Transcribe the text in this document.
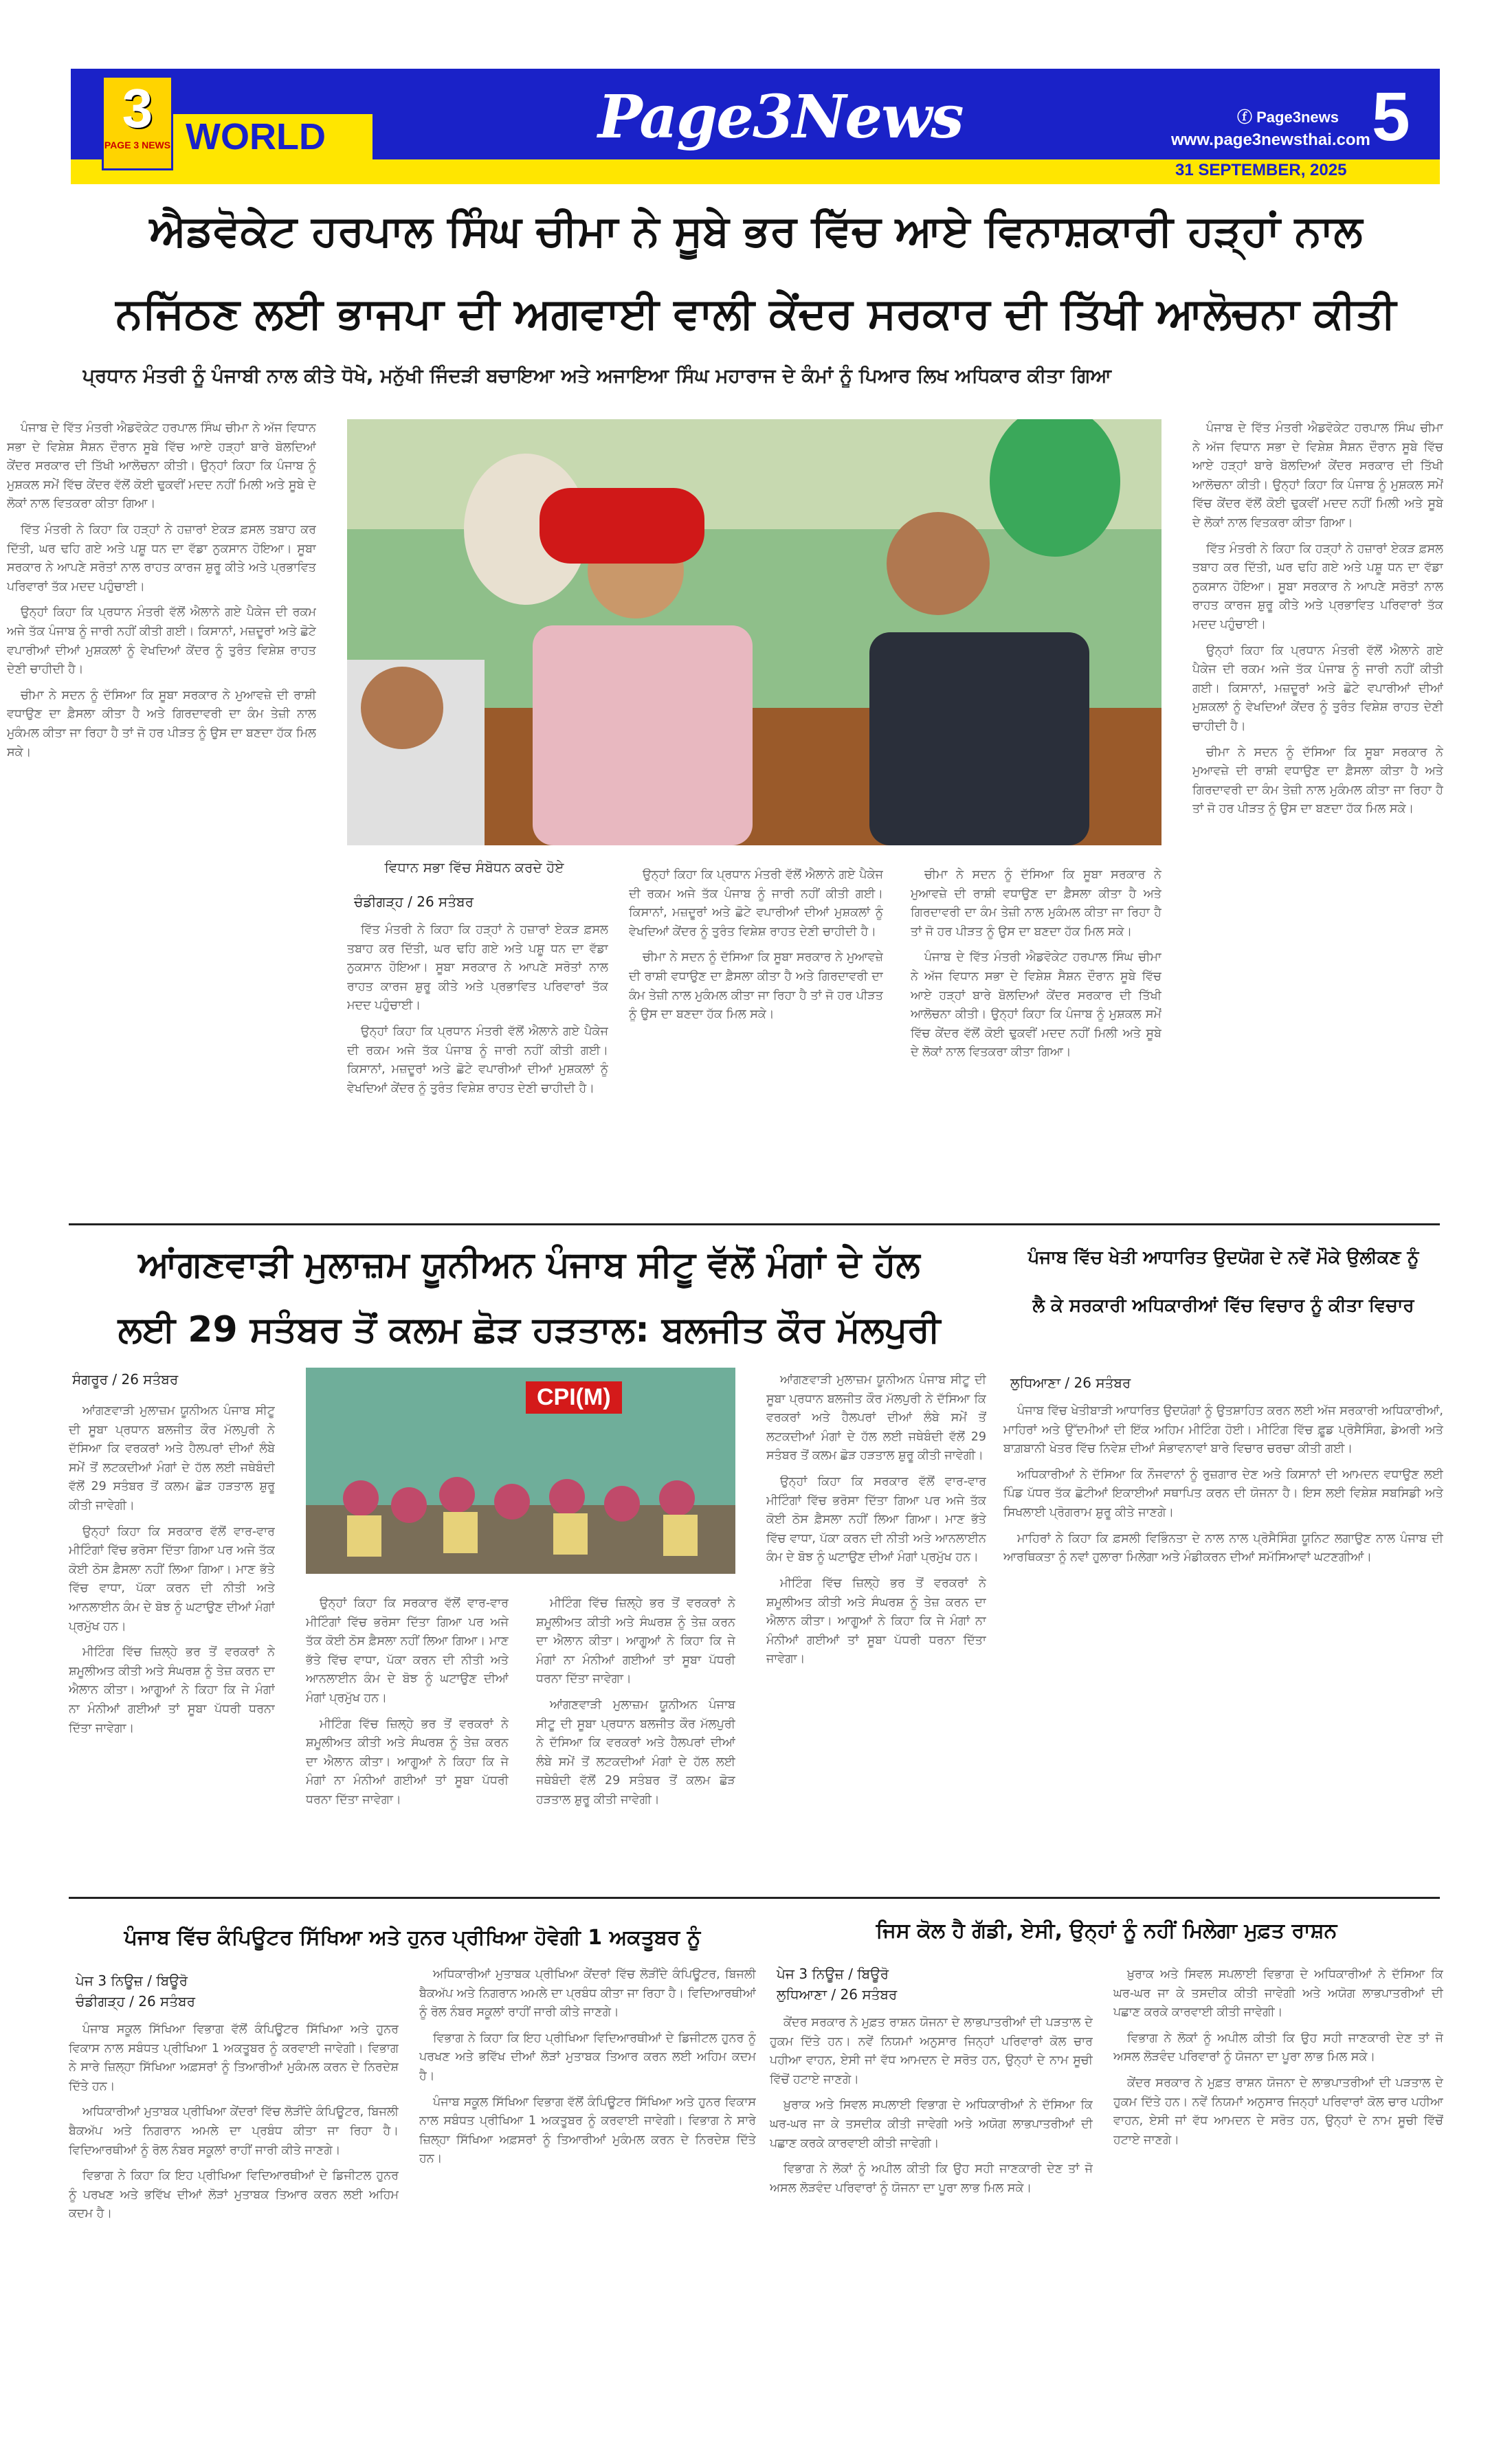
3
PAGE 3 NEWS WORLD	Page3News	ⓕ Page3news
www.page3newsthai.com 5
31 SEPTEMBER, 2025
ਐਡਵੋਕੇਟ ਹਰਪਾਲ ਸਿੰਘ ਚੀਮਾ ਨੇ ਸੂਬੇ ਭਰ ਵਿੱਚ ਆਏ ਵਿਨਾਸ਼ਕਾਰੀ ਹੜ੍ਹਾਂ ਨਾਲ
ਨਜਿੱਠਣ ਲਈ ਭਾਜਪਾ ਦੀ ਅਗਵਾਈ ਵਾਲੀ ਕੇਂਦਰ ਸਰਕਾਰ ਦੀ ਤਿੱਖੀ ਆਲੋਚਨਾ ਕੀਤੀ
ਪ੍ਰਧਾਨ ਮੰਤਰੀ ਨੂੰ ਪੰਜਾਬੀ ਨਾਲ ਕੀਤੇ ਧੋਖੇ, ਮਨੁੱਖੀ ਜਿੰਦੜੀ ਬਚਾਇਆ ਅਤੇ ਅਜਾਇਆ ਸਿੰਘ ਮਹਾਰਾਜ ਦੇ ਕੰਮਾਂ ਨੂੰ ਪਿਆਰ ਲਿਖ ਅਧਿਕਾਰ ਕੀਤਾ ਗਿਆ

ਪੰਜਾਬ ਦੇ ਵਿੱਤ ਮੰਤਰੀ ਐਡਵੋਕੇਟ ਹਰਪਾਲ ਸਿੰਘ ਚੀਮਾ ਨੇ ਅੱਜ ਵਿਧਾਨ ਸਭਾ ਦੇ ਵਿਸ਼ੇਸ਼ ਸੈਸ਼ਨ ਦੌਰਾਨ ਸੂਬੇ ਵਿੱਚ ਆਏ ਹੜ੍ਹਾਂ ਬਾਰੇ ਬੋਲਦਿਆਂ ਕੇਂਦਰ ਸਰਕਾਰ ਦੀ ਤਿੱਖੀ ਆਲੋਚਨਾ ਕੀਤੀ। ਉਨ੍ਹਾਂ ਕਿਹਾ ਕਿ ਪੰਜਾਬ ਨੂੰ ਮੁਸ਼ਕਲ ਸਮੇਂ ਵਿੱਚ ਕੇਂਦਰ ਵੱਲੋਂ ਕੋਈ ਢੁਕਵੀਂ ਮਦਦ ਨਹੀਂ ਮਿਲੀ ਅਤੇ ਸੂਬੇ ਦੇ ਲੋਕਾਂ ਨਾਲ ਵਿਤਕਰਾ ਕੀਤਾ ਗਿਆ।

ਵਿੱਤ ਮੰਤਰੀ ਨੇ ਕਿਹਾ ਕਿ ਹੜ੍ਹਾਂ ਨੇ ਹਜ਼ਾਰਾਂ ਏਕੜ ਫ਼ਸਲ ਤਬਾਹ ਕਰ ਦਿੱਤੀ, ਘਰ ਢਹਿ ਗਏ ਅਤੇ ਪਸ਼ੂ ਧਨ ਦਾ ਵੱਡਾ ਨੁਕਸਾਨ ਹੋਇਆ। ਸੂਬਾ ਸਰਕਾਰ ਨੇ ਆਪਣੇ ਸਰੋਤਾਂ ਨਾਲ ਰਾਹਤ ਕਾਰਜ ਸ਼ੁਰੂ ਕੀਤੇ ਅਤੇ ਪ੍ਰਭਾਵਿਤ ਪਰਿਵਾਰਾਂ ਤੱਕ ਮਦਦ ਪਹੁੰਚਾਈ।

ਉਨ੍ਹਾਂ ਕਿਹਾ ਕਿ ਪ੍ਰਧਾਨ ਮੰਤਰੀ ਵੱਲੋਂ ਐਲਾਨੇ ਗਏ ਪੈਕੇਜ ਦੀ ਰਕਮ ਅਜੇ ਤੱਕ ਪੰਜਾਬ ਨੂੰ ਜਾਰੀ ਨਹੀਂ ਕੀਤੀ ਗਈ। ਕਿਸਾਨਾਂ, ਮਜ਼ਦੂਰਾਂ ਅਤੇ ਛੋਟੇ ਵਪਾਰੀਆਂ ਦੀਆਂ ਮੁਸ਼ਕਲਾਂ ਨੂੰ ਵੇਖਦਿਆਂ ਕੇਂਦਰ ਨੂੰ ਤੁਰੰਤ ਵਿਸ਼ੇਸ਼ ਰਾਹਤ ਦੇਣੀ ਚਾਹੀਦੀ ਹੈ।

ਚੀਮਾ ਨੇ ਸਦਨ ਨੂੰ ਦੱਸਿਆ ਕਿ ਸੂਬਾ ਸਰਕਾਰ ਨੇ ਮੁਆਵਜ਼ੇ ਦੀ ਰਾਸ਼ੀ ਵਧਾਉਣ ਦਾ ਫ਼ੈਸਲਾ ਕੀਤਾ ਹੈ ਅਤੇ ਗਿਰਦਾਵਰੀ ਦਾ ਕੰਮ ਤੇਜ਼ੀ ਨਾਲ ਮੁਕੰਮਲ ਕੀਤਾ ਜਾ ਰਿਹਾ ਹੈ ਤਾਂ ਜੋ ਹਰ ਪੀੜਤ ਨੂੰ ਉਸ ਦਾ ਬਣਦਾ ਹੱਕ ਮਿਲ ਸਕੇ।

ਵਿਧਾਨ ਸਭਾ ਵਿੱਚ ਸੰਬੋਧਨ ਕਰਦੇ ਹੋਏ
ਚੰਡੀਗੜ੍ਹ / 26 ਸਤੰਬਰ

ਵਿੱਤ ਮੰਤਰੀ ਨੇ ਕਿਹਾ ਕਿ ਹੜ੍ਹਾਂ ਨੇ ਹਜ਼ਾਰਾਂ ਏਕੜ ਫ਼ਸਲ ਤਬਾਹ ਕਰ ਦਿੱਤੀ, ਘਰ ਢਹਿ ਗਏ ਅਤੇ ਪਸ਼ੂ ਧਨ ਦਾ ਵੱਡਾ ਨੁਕਸਾਨ ਹੋਇਆ। ਸੂਬਾ ਸਰਕਾਰ ਨੇ ਆਪਣੇ ਸਰੋਤਾਂ ਨਾਲ ਰਾਹਤ ਕਾਰਜ ਸ਼ੁਰੂ ਕੀਤੇ ਅਤੇ ਪ੍ਰਭਾਵਿਤ ਪਰਿਵਾਰਾਂ ਤੱਕ ਮਦਦ ਪਹੁੰਚਾਈ।

ਉਨ੍ਹਾਂ ਕਿਹਾ ਕਿ ਪ੍ਰਧਾਨ ਮੰਤਰੀ ਵੱਲੋਂ ਐਲਾਨੇ ਗਏ ਪੈਕੇਜ ਦੀ ਰਕਮ ਅਜੇ ਤੱਕ ਪੰਜਾਬ ਨੂੰ ਜਾਰੀ ਨਹੀਂ ਕੀਤੀ ਗਈ। ਕਿਸਾਨਾਂ, ਮਜ਼ਦੂਰਾਂ ਅਤੇ ਛੋਟੇ ਵਪਾਰੀਆਂ ਦੀਆਂ ਮੁਸ਼ਕਲਾਂ ਨੂੰ ਵੇਖਦਿਆਂ ਕੇਂਦਰ ਨੂੰ ਤੁਰੰਤ ਵਿਸ਼ੇਸ਼ ਰਾਹਤ ਦੇਣੀ ਚਾਹੀਦੀ ਹੈ।

ਉਨ੍ਹਾਂ ਕਿਹਾ ਕਿ ਪ੍ਰਧਾਨ ਮੰਤਰੀ ਵੱਲੋਂ ਐਲਾਨੇ ਗਏ ਪੈਕੇਜ ਦੀ ਰਕਮ ਅਜੇ ਤੱਕ ਪੰਜਾਬ ਨੂੰ ਜਾਰੀ ਨਹੀਂ ਕੀਤੀ ਗਈ। ਕਿਸਾਨਾਂ, ਮਜ਼ਦੂਰਾਂ ਅਤੇ ਛੋਟੇ ਵਪਾਰੀਆਂ ਦੀਆਂ ਮੁਸ਼ਕਲਾਂ ਨੂੰ ਵੇਖਦਿਆਂ ਕੇਂਦਰ ਨੂੰ ਤੁਰੰਤ ਵਿਸ਼ੇਸ਼ ਰਾਹਤ ਦੇਣੀ ਚਾਹੀਦੀ ਹੈ।

ਚੀਮਾ ਨੇ ਸਦਨ ਨੂੰ ਦੱਸਿਆ ਕਿ ਸੂਬਾ ਸਰਕਾਰ ਨੇ ਮੁਆਵਜ਼ੇ ਦੀ ਰਾਸ਼ੀ ਵਧਾਉਣ ਦਾ ਫ਼ੈਸਲਾ ਕੀਤਾ ਹੈ ਅਤੇ ਗਿਰਦਾਵਰੀ ਦਾ ਕੰਮ ਤੇਜ਼ੀ ਨਾਲ ਮੁਕੰਮਲ ਕੀਤਾ ਜਾ ਰਿਹਾ ਹੈ ਤਾਂ ਜੋ ਹਰ ਪੀੜਤ ਨੂੰ ਉਸ ਦਾ ਬਣਦਾ ਹੱਕ ਮਿਲ ਸਕੇ।

ਚੀਮਾ ਨੇ ਸਦਨ ਨੂੰ ਦੱਸਿਆ ਕਿ ਸੂਬਾ ਸਰਕਾਰ ਨੇ ਮੁਆਵਜ਼ੇ ਦੀ ਰਾਸ਼ੀ ਵਧਾਉਣ ਦਾ ਫ਼ੈਸਲਾ ਕੀਤਾ ਹੈ ਅਤੇ ਗਿਰਦਾਵਰੀ ਦਾ ਕੰਮ ਤੇਜ਼ੀ ਨਾਲ ਮੁਕੰਮਲ ਕੀਤਾ ਜਾ ਰਿਹਾ ਹੈ ਤਾਂ ਜੋ ਹਰ ਪੀੜਤ ਨੂੰ ਉਸ ਦਾ ਬਣਦਾ ਹੱਕ ਮਿਲ ਸਕੇ।

ਪੰਜਾਬ ਦੇ ਵਿੱਤ ਮੰਤਰੀ ਐਡਵੋਕੇਟ ਹਰਪਾਲ ਸਿੰਘ ਚੀਮਾ ਨੇ ਅੱਜ ਵਿਧਾਨ ਸਭਾ ਦੇ ਵਿਸ਼ੇਸ਼ ਸੈਸ਼ਨ ਦੌਰਾਨ ਸੂਬੇ ਵਿੱਚ ਆਏ ਹੜ੍ਹਾਂ ਬਾਰੇ ਬੋਲਦਿਆਂ ਕੇਂਦਰ ਸਰਕਾਰ ਦੀ ਤਿੱਖੀ ਆਲੋਚਨਾ ਕੀਤੀ। ਉਨ੍ਹਾਂ ਕਿਹਾ ਕਿ ਪੰਜਾਬ ਨੂੰ ਮੁਸ਼ਕਲ ਸਮੇਂ ਵਿੱਚ ਕੇਂਦਰ ਵੱਲੋਂ ਕੋਈ ਢੁਕਵੀਂ ਮਦਦ ਨਹੀਂ ਮਿਲੀ ਅਤੇ ਸੂਬੇ ਦੇ ਲੋਕਾਂ ਨਾਲ ਵਿਤਕਰਾ ਕੀਤਾ ਗਿਆ।

ਪੰਜਾਬ ਦੇ ਵਿੱਤ ਮੰਤਰੀ ਐਡਵੋਕੇਟ ਹਰਪਾਲ ਸਿੰਘ ਚੀਮਾ ਨੇ ਅੱਜ ਵਿਧਾਨ ਸਭਾ ਦੇ ਵਿਸ਼ੇਸ਼ ਸੈਸ਼ਨ ਦੌਰਾਨ ਸੂਬੇ ਵਿੱਚ ਆਏ ਹੜ੍ਹਾਂ ਬਾਰੇ ਬੋਲਦਿਆਂ ਕੇਂਦਰ ਸਰਕਾਰ ਦੀ ਤਿੱਖੀ ਆਲੋਚਨਾ ਕੀਤੀ। ਉਨ੍ਹਾਂ ਕਿਹਾ ਕਿ ਪੰਜਾਬ ਨੂੰ ਮੁਸ਼ਕਲ ਸਮੇਂ ਵਿੱਚ ਕੇਂਦਰ ਵੱਲੋਂ ਕੋਈ ਢੁਕਵੀਂ ਮਦਦ ਨਹੀਂ ਮਿਲੀ ਅਤੇ ਸੂਬੇ ਦੇ ਲੋਕਾਂ ਨਾਲ ਵਿਤਕਰਾ ਕੀਤਾ ਗਿਆ।

ਵਿੱਤ ਮੰਤਰੀ ਨੇ ਕਿਹਾ ਕਿ ਹੜ੍ਹਾਂ ਨੇ ਹਜ਼ਾਰਾਂ ਏਕੜ ਫ਼ਸਲ ਤਬਾਹ ਕਰ ਦਿੱਤੀ, ਘਰ ਢਹਿ ਗਏ ਅਤੇ ਪਸ਼ੂ ਧਨ ਦਾ ਵੱਡਾ ਨੁਕਸਾਨ ਹੋਇਆ। ਸੂਬਾ ਸਰਕਾਰ ਨੇ ਆਪਣੇ ਸਰੋਤਾਂ ਨਾਲ ਰਾਹਤ ਕਾਰਜ ਸ਼ੁਰੂ ਕੀਤੇ ਅਤੇ ਪ੍ਰਭਾਵਿਤ ਪਰਿਵਾਰਾਂ ਤੱਕ ਮਦਦ ਪਹੁੰਚਾਈ।

ਉਨ੍ਹਾਂ ਕਿਹਾ ਕਿ ਪ੍ਰਧਾਨ ਮੰਤਰੀ ਵੱਲੋਂ ਐਲਾਨੇ ਗਏ ਪੈਕੇਜ ਦੀ ਰਕਮ ਅਜੇ ਤੱਕ ਪੰਜਾਬ ਨੂੰ ਜਾਰੀ ਨਹੀਂ ਕੀਤੀ ਗਈ। ਕਿਸਾਨਾਂ, ਮਜ਼ਦੂਰਾਂ ਅਤੇ ਛੋਟੇ ਵਪਾਰੀਆਂ ਦੀਆਂ ਮੁਸ਼ਕਲਾਂ ਨੂੰ ਵੇਖਦਿਆਂ ਕੇਂਦਰ ਨੂੰ ਤੁਰੰਤ ਵਿਸ਼ੇਸ਼ ਰਾਹਤ ਦੇਣੀ ਚਾਹੀਦੀ ਹੈ।

ਚੀਮਾ ਨੇ ਸਦਨ ਨੂੰ ਦੱਸਿਆ ਕਿ ਸੂਬਾ ਸਰਕਾਰ ਨੇ ਮੁਆਵਜ਼ੇ ਦੀ ਰਾਸ਼ੀ ਵਧਾਉਣ ਦਾ ਫ਼ੈਸਲਾ ਕੀਤਾ ਹੈ ਅਤੇ ਗਿਰਦਾਵਰੀ ਦਾ ਕੰਮ ਤੇਜ਼ੀ ਨਾਲ ਮੁਕੰਮਲ ਕੀਤਾ ਜਾ ਰਿਹਾ ਹੈ ਤਾਂ ਜੋ ਹਰ ਪੀੜਤ ਨੂੰ ਉਸ ਦਾ ਬਣਦਾ ਹੱਕ ਮਿਲ ਸਕੇ।

ਆਂਗਣਵਾੜੀ ਮੁਲਾਜ਼ਮ ਯੂਨੀਅਨ ਪੰਜਾਬ ਸੀਟੂ ਵੱਲੋਂ ਮੰਗਾਂ ਦੇ ਹੱਲ
ਲਈ 29 ਸਤੰਬਰ ਤੋਂ ਕਲਮ ਛੋੜ ਹੜਤਾਲ: ਬਲਜੀਤ ਕੌਰ ਮੱਲਪੁਰੀ
ਸੰਗਰੂਰ / 26 ਸਤੰਬਰ

ਆਂਗਣਵਾੜੀ ਮੁਲਾਜ਼ਮ ਯੂਨੀਅਨ ਪੰਜਾਬ ਸੀਟੂ ਦੀ ਸੂਬਾ ਪ੍ਰਧਾਨ ਬਲਜੀਤ ਕੌਰ ਮੱਲਪੁਰੀ ਨੇ ਦੱਸਿਆ ਕਿ ਵਰਕਰਾਂ ਅਤੇ ਹੈਲਪਰਾਂ ਦੀਆਂ ਲੰਬੇ ਸਮੇਂ ਤੋਂ ਲਟਕਦੀਆਂ ਮੰਗਾਂ ਦੇ ਹੱਲ ਲਈ ਜਥੇਬੰਦੀ ਵੱਲੋਂ 29 ਸਤੰਬਰ ਤੋਂ ਕਲਮ ਛੋੜ ਹੜਤਾਲ ਸ਼ੁਰੂ ਕੀਤੀ ਜਾਵੇਗੀ।

ਉਨ੍ਹਾਂ ਕਿਹਾ ਕਿ ਸਰਕਾਰ ਵੱਲੋਂ ਵਾਰ-ਵਾਰ ਮੀਟਿੰਗਾਂ ਵਿੱਚ ਭਰੋਸਾ ਦਿੱਤਾ ਗਿਆ ਪਰ ਅਜੇ ਤੱਕ ਕੋਈ ਠੋਸ ਫ਼ੈਸਲਾ ਨਹੀਂ ਲਿਆ ਗਿਆ। ਮਾਣ ਭੱਤੇ ਵਿੱਚ ਵਾਧਾ, ਪੱਕਾ ਕਰਨ ਦੀ ਨੀਤੀ ਅਤੇ ਆਨਲਾਈਨ ਕੰਮ ਦੇ ਬੋਝ ਨੂੰ ਘਟਾਉਣ ਦੀਆਂ ਮੰਗਾਂ ਪ੍ਰਮੁੱਖ ਹਨ।

ਮੀਟਿੰਗ ਵਿੱਚ ਜ਼ਿਲ੍ਹੇ ਭਰ ਤੋਂ ਵਰਕਰਾਂ ਨੇ ਸ਼ਮੂਲੀਅਤ ਕੀਤੀ ਅਤੇ ਸੰਘਰਸ਼ ਨੂੰ ਤੇਜ਼ ਕਰਨ ਦਾ ਐਲਾਨ ਕੀਤਾ। ਆਗੂਆਂ ਨੇ ਕਿਹਾ ਕਿ ਜੇ ਮੰਗਾਂ ਨਾ ਮੰਨੀਆਂ ਗਈਆਂ ਤਾਂ ਸੂਬਾ ਪੱਧਰੀ ਧਰਨਾ ਦਿੱਤਾ ਜਾਵੇਗਾ।

CPI(M)

ਉਨ੍ਹਾਂ ਕਿਹਾ ਕਿ ਸਰਕਾਰ ਵੱਲੋਂ ਵਾਰ-ਵਾਰ ਮੀਟਿੰਗਾਂ ਵਿੱਚ ਭਰੋਸਾ ਦਿੱਤਾ ਗਿਆ ਪਰ ਅਜੇ ਤੱਕ ਕੋਈ ਠੋਸ ਫ਼ੈਸਲਾ ਨਹੀਂ ਲਿਆ ਗਿਆ। ਮਾਣ ਭੱਤੇ ਵਿੱਚ ਵਾਧਾ, ਪੱਕਾ ਕਰਨ ਦੀ ਨੀਤੀ ਅਤੇ ਆਨਲਾਈਨ ਕੰਮ ਦੇ ਬੋਝ ਨੂੰ ਘਟਾਉਣ ਦੀਆਂ ਮੰਗਾਂ ਪ੍ਰਮੁੱਖ ਹਨ।

ਮੀਟਿੰਗ ਵਿੱਚ ਜ਼ਿਲ੍ਹੇ ਭਰ ਤੋਂ ਵਰਕਰਾਂ ਨੇ ਸ਼ਮੂਲੀਅਤ ਕੀਤੀ ਅਤੇ ਸੰਘਰਸ਼ ਨੂੰ ਤੇਜ਼ ਕਰਨ ਦਾ ਐਲਾਨ ਕੀਤਾ। ਆਗੂਆਂ ਨੇ ਕਿਹਾ ਕਿ ਜੇ ਮੰਗਾਂ ਨਾ ਮੰਨੀਆਂ ਗਈਆਂ ਤਾਂ ਸੂਬਾ ਪੱਧਰੀ ਧਰਨਾ ਦਿੱਤਾ ਜਾਵੇਗਾ।

ਮੀਟਿੰਗ ਵਿੱਚ ਜ਼ਿਲ੍ਹੇ ਭਰ ਤੋਂ ਵਰਕਰਾਂ ਨੇ ਸ਼ਮੂਲੀਅਤ ਕੀਤੀ ਅਤੇ ਸੰਘਰਸ਼ ਨੂੰ ਤੇਜ਼ ਕਰਨ ਦਾ ਐਲਾਨ ਕੀਤਾ। ਆਗੂਆਂ ਨੇ ਕਿਹਾ ਕਿ ਜੇ ਮੰਗਾਂ ਨਾ ਮੰਨੀਆਂ ਗਈਆਂ ਤਾਂ ਸੂਬਾ ਪੱਧਰੀ ਧਰਨਾ ਦਿੱਤਾ ਜਾਵੇਗਾ।

ਆਂਗਣਵਾੜੀ ਮੁਲਾਜ਼ਮ ਯੂਨੀਅਨ ਪੰਜਾਬ ਸੀਟੂ ਦੀ ਸੂਬਾ ਪ੍ਰਧਾਨ ਬਲਜੀਤ ਕੌਰ ਮੱਲਪੁਰੀ ਨੇ ਦੱਸਿਆ ਕਿ ਵਰਕਰਾਂ ਅਤੇ ਹੈਲਪਰਾਂ ਦੀਆਂ ਲੰਬੇ ਸਮੇਂ ਤੋਂ ਲਟਕਦੀਆਂ ਮੰਗਾਂ ਦੇ ਹੱਲ ਲਈ ਜਥੇਬੰਦੀ ਵੱਲੋਂ 29 ਸਤੰਬਰ ਤੋਂ ਕਲਮ ਛੋੜ ਹੜਤਾਲ ਸ਼ੁਰੂ ਕੀਤੀ ਜਾਵੇਗੀ।

ਆਂਗਣਵਾੜੀ ਮੁਲਾਜ਼ਮ ਯੂਨੀਅਨ ਪੰਜਾਬ ਸੀਟੂ ਦੀ ਸੂਬਾ ਪ੍ਰਧਾਨ ਬਲਜੀਤ ਕੌਰ ਮੱਲਪੁਰੀ ਨੇ ਦੱਸਿਆ ਕਿ ਵਰਕਰਾਂ ਅਤੇ ਹੈਲਪਰਾਂ ਦੀਆਂ ਲੰਬੇ ਸਮੇਂ ਤੋਂ ਲਟਕਦੀਆਂ ਮੰਗਾਂ ਦੇ ਹੱਲ ਲਈ ਜਥੇਬੰਦੀ ਵੱਲੋਂ 29 ਸਤੰਬਰ ਤੋਂ ਕਲਮ ਛੋੜ ਹੜਤਾਲ ਸ਼ੁਰੂ ਕੀਤੀ ਜਾਵੇਗੀ।

ਉਨ੍ਹਾਂ ਕਿਹਾ ਕਿ ਸਰਕਾਰ ਵੱਲੋਂ ਵਾਰ-ਵਾਰ ਮੀਟਿੰਗਾਂ ਵਿੱਚ ਭਰੋਸਾ ਦਿੱਤਾ ਗਿਆ ਪਰ ਅਜੇ ਤੱਕ ਕੋਈ ਠੋਸ ਫ਼ੈਸਲਾ ਨਹੀਂ ਲਿਆ ਗਿਆ। ਮਾਣ ਭੱਤੇ ਵਿੱਚ ਵਾਧਾ, ਪੱਕਾ ਕਰਨ ਦੀ ਨੀਤੀ ਅਤੇ ਆਨਲਾਈਨ ਕੰਮ ਦੇ ਬੋਝ ਨੂੰ ਘਟਾਉਣ ਦੀਆਂ ਮੰਗਾਂ ਪ੍ਰਮੁੱਖ ਹਨ।

ਮੀਟਿੰਗ ਵਿੱਚ ਜ਼ਿਲ੍ਹੇ ਭਰ ਤੋਂ ਵਰਕਰਾਂ ਨੇ ਸ਼ਮੂਲੀਅਤ ਕੀਤੀ ਅਤੇ ਸੰਘਰਸ਼ ਨੂੰ ਤੇਜ਼ ਕਰਨ ਦਾ ਐਲਾਨ ਕੀਤਾ। ਆਗੂਆਂ ਨੇ ਕਿਹਾ ਕਿ ਜੇ ਮੰਗਾਂ ਨਾ ਮੰਨੀਆਂ ਗਈਆਂ ਤਾਂ ਸੂਬਾ ਪੱਧਰੀ ਧਰਨਾ ਦਿੱਤਾ ਜਾਵੇਗਾ।

ਪੰਜਾਬ ਵਿੱਚ ਖੇਤੀ ਆਧਾਰਿਤ ਉਦਯੋਗ ਦੇ ਨਵੇਂ ਮੌਕੇ ਉਲੀਕਣ ਨੂੰ
ਲੈ ਕੇ ਸਰਕਾਰੀ ਅਧਿਕਾਰੀਆਂ ਵਿੱਚ ਵਿਚਾਰ ਨੂੰ ਕੀਤਾ ਵਿਚਾਰ
ਲੁਧਿਆਣਾ / 26 ਸਤੰਬਰ

ਪੰਜਾਬ ਵਿੱਚ ਖੇਤੀਬਾੜੀ ਆਧਾਰਿਤ ਉਦਯੋਗਾਂ ਨੂੰ ਉਤਸ਼ਾਹਿਤ ਕਰਨ ਲਈ ਅੱਜ ਸਰਕਾਰੀ ਅਧਿਕਾਰੀਆਂ, ਮਾਹਿਰਾਂ ਅਤੇ ਉੱਦਮੀਆਂ ਦੀ ਇੱਕ ਅਹਿਮ ਮੀਟਿੰਗ ਹੋਈ। ਮੀਟਿੰਗ ਵਿੱਚ ਫ਼ੂਡ ਪ੍ਰੋਸੈਸਿੰਗ, ਡੇਅਰੀ ਅਤੇ ਬਾਗ਼ਬਾਨੀ ਖੇਤਰ ਵਿੱਚ ਨਿਵੇਸ਼ ਦੀਆਂ ਸੰਭਾਵਨਾਵਾਂ ਬਾਰੇ ਵਿਚਾਰ ਚਰਚਾ ਕੀਤੀ ਗਈ।

ਅਧਿਕਾਰੀਆਂ ਨੇ ਦੱਸਿਆ ਕਿ ਨੌਜਵਾਨਾਂ ਨੂੰ ਰੁਜ਼ਗਾਰ ਦੇਣ ਅਤੇ ਕਿਸਾਨਾਂ ਦੀ ਆਮਦਨ ਵਧਾਉਣ ਲਈ ਪਿੰਡ ਪੱਧਰ ਤੱਕ ਛੋਟੀਆਂ ਇਕਾਈਆਂ ਸਥਾਪਿਤ ਕਰਨ ਦੀ ਯੋਜਨਾ ਹੈ। ਇਸ ਲਈ ਵਿਸ਼ੇਸ਼ ਸਬਸਿਡੀ ਅਤੇ ਸਿਖਲਾਈ ਪ੍ਰੋਗਰਾਮ ਸ਼ੁਰੂ ਕੀਤੇ ਜਾਣਗੇ।

ਮਾਹਿਰਾਂ ਨੇ ਕਿਹਾ ਕਿ ਫ਼ਸਲੀ ਵਿਭਿੰਨਤਾ ਦੇ ਨਾਲ ਨਾਲ ਪ੍ਰੋਸੈਸਿੰਗ ਯੂਨਿਟ ਲਗਾਉਣ ਨਾਲ ਪੰਜਾਬ ਦੀ ਆਰਥਿਕਤਾ ਨੂੰ ਨਵਾਂ ਹੁਲਾਰਾ ਮਿਲੇਗਾ ਅਤੇ ਮੰਡੀਕਰਨ ਦੀਆਂ ਸਮੱਸਿਆਵਾਂ ਘਟਣਗੀਆਂ।

ਪੰਜਾਬ ਵਿੱਚ ਕੰਪਿਊਟਰ ਸਿੱਖਿਆ ਅਤੇ ਹੁਨਰ ਪ੍ਰੀਖਿਆ ਹੋਵੇਗੀ 1 ਅਕਤੂਬਰ ਨੂੰ
ਪੇਜ 3 ਨਿਊਜ਼ / ਬਿਊਰੋ
ਚੰਡੀਗੜ੍ਹ / 26 ਸਤੰਬਰ

ਪੰਜਾਬ ਸਕੂਲ ਸਿੱਖਿਆ ਵਿਭਾਗ ਵੱਲੋਂ ਕੰਪਿਊਟਰ ਸਿੱਖਿਆ ਅਤੇ ਹੁਨਰ ਵਿਕਾਸ ਨਾਲ ਸਬੰਧਤ ਪ੍ਰੀਖਿਆ 1 ਅਕਤੂਬਰ ਨੂੰ ਕਰਵਾਈ ਜਾਵੇਗੀ। ਵਿਭਾਗ ਨੇ ਸਾਰੇ ਜ਼ਿਲ੍ਹਾ ਸਿੱਖਿਆ ਅਫ਼ਸਰਾਂ ਨੂੰ ਤਿਆਰੀਆਂ ਮੁਕੰਮਲ ਕਰਨ ਦੇ ਨਿਰਦੇਸ਼ ਦਿੱਤੇ ਹਨ।

ਅਧਿਕਾਰੀਆਂ ਮੁਤਾਬਕ ਪ੍ਰੀਖਿਆ ਕੇਂਦਰਾਂ ਵਿੱਚ ਲੋੜੀਂਦੇ ਕੰਪਿਊਟਰ, ਬਿਜਲੀ ਬੈਕਅੱਪ ਅਤੇ ਨਿਗਰਾਨ ਅਮਲੇ ਦਾ ਪ੍ਰਬੰਧ ਕੀਤਾ ਜਾ ਰਿਹਾ ਹੈ। ਵਿਦਿਆਰਥੀਆਂ ਨੂੰ ਰੋਲ ਨੰਬਰ ਸਕੂਲਾਂ ਰਾਹੀਂ ਜਾਰੀ ਕੀਤੇ ਜਾਣਗੇ।

ਵਿਭਾਗ ਨੇ ਕਿਹਾ ਕਿ ਇਹ ਪ੍ਰੀਖਿਆ ਵਿਦਿਆਰਥੀਆਂ ਦੇ ਡਿਜੀਟਲ ਹੁਨਰ ਨੂੰ ਪਰਖਣ ਅਤੇ ਭਵਿੱਖ ਦੀਆਂ ਲੋੜਾਂ ਮੁਤਾਬਕ ਤਿਆਰ ਕਰਨ ਲਈ ਅਹਿਮ ਕਦਮ ਹੈ।

ਅਧਿਕਾਰੀਆਂ ਮੁਤਾਬਕ ਪ੍ਰੀਖਿਆ ਕੇਂਦਰਾਂ ਵਿੱਚ ਲੋੜੀਂਦੇ ਕੰਪਿਊਟਰ, ਬਿਜਲੀ ਬੈਕਅੱਪ ਅਤੇ ਨਿਗਰਾਨ ਅਮਲੇ ਦਾ ਪ੍ਰਬੰਧ ਕੀਤਾ ਜਾ ਰਿਹਾ ਹੈ। ਵਿਦਿਆਰਥੀਆਂ ਨੂੰ ਰੋਲ ਨੰਬਰ ਸਕੂਲਾਂ ਰਾਹੀਂ ਜਾਰੀ ਕੀਤੇ ਜਾਣਗੇ।

ਵਿਭਾਗ ਨੇ ਕਿਹਾ ਕਿ ਇਹ ਪ੍ਰੀਖਿਆ ਵਿਦਿਆਰਥੀਆਂ ਦੇ ਡਿਜੀਟਲ ਹੁਨਰ ਨੂੰ ਪਰਖਣ ਅਤੇ ਭਵਿੱਖ ਦੀਆਂ ਲੋੜਾਂ ਮੁਤਾਬਕ ਤਿਆਰ ਕਰਨ ਲਈ ਅਹਿਮ ਕਦਮ ਹੈ।

ਪੰਜਾਬ ਸਕੂਲ ਸਿੱਖਿਆ ਵਿਭਾਗ ਵੱਲੋਂ ਕੰਪਿਊਟਰ ਸਿੱਖਿਆ ਅਤੇ ਹੁਨਰ ਵਿਕਾਸ ਨਾਲ ਸਬੰਧਤ ਪ੍ਰੀਖਿਆ 1 ਅਕਤੂਬਰ ਨੂੰ ਕਰਵਾਈ ਜਾਵੇਗੀ। ਵਿਭਾਗ ਨੇ ਸਾਰੇ ਜ਼ਿਲ੍ਹਾ ਸਿੱਖਿਆ ਅਫ਼ਸਰਾਂ ਨੂੰ ਤਿਆਰੀਆਂ ਮੁਕੰਮਲ ਕਰਨ ਦੇ ਨਿਰਦੇਸ਼ ਦਿੱਤੇ ਹਨ।

ਜਿਸ ਕੋਲ ਹੈ ਗੱਡੀ, ਏਸੀ, ਉਨ੍ਹਾਂ ਨੂੰ ਨਹੀਂ ਮਿਲੇਗਾ ਮੁਫ਼ਤ ਰਾਸ਼ਨ
ਪੇਜ 3 ਨਿਊਜ਼ / ਬਿਊਰੋ
ਲੁਧਿਆਣਾ / 26 ਸਤੰਬਰ

ਕੇਂਦਰ ਸਰਕਾਰ ਨੇ ਮੁਫ਼ਤ ਰਾਸ਼ਨ ਯੋਜਨਾ ਦੇ ਲਾਭਪਾਤਰੀਆਂ ਦੀ ਪੜਤਾਲ ਦੇ ਹੁਕਮ ਦਿੱਤੇ ਹਨ। ਨਵੇਂ ਨਿਯਮਾਂ ਅਨੁਸਾਰ ਜਿਨ੍ਹਾਂ ਪਰਿਵਾਰਾਂ ਕੋਲ ਚਾਰ ਪਹੀਆ ਵਾਹਨ, ਏਸੀ ਜਾਂ ਵੱਧ ਆਮਦਨ ਦੇ ਸਰੋਤ ਹਨ, ਉਨ੍ਹਾਂ ਦੇ ਨਾਮ ਸੂਚੀ ਵਿੱਚੋਂ ਹਟਾਏ ਜਾਣਗੇ।

ਖ਼ੁਰਾਕ ਅਤੇ ਸਿਵਲ ਸਪਲਾਈ ਵਿਭਾਗ ਦੇ ਅਧਿਕਾਰੀਆਂ ਨੇ ਦੱਸਿਆ ਕਿ ਘਰ-ਘਰ ਜਾ ਕੇ ਤਸਦੀਕ ਕੀਤੀ ਜਾਵੇਗੀ ਅਤੇ ਅਯੋਗ ਲਾਭਪਾਤਰੀਆਂ ਦੀ ਪਛਾਣ ਕਰਕੇ ਕਾਰਵਾਈ ਕੀਤੀ ਜਾਵੇਗੀ।

ਵਿਭਾਗ ਨੇ ਲੋਕਾਂ ਨੂੰ ਅਪੀਲ ਕੀਤੀ ਕਿ ਉਹ ਸਹੀ ਜਾਣਕਾਰੀ ਦੇਣ ਤਾਂ ਜੋ ਅਸਲ ਲੋੜਵੰਦ ਪਰਿਵਾਰਾਂ ਨੂੰ ਯੋਜਨਾ ਦਾ ਪੂਰਾ ਲਾਭ ਮਿਲ ਸਕੇ।

ਖ਼ੁਰਾਕ ਅਤੇ ਸਿਵਲ ਸਪਲਾਈ ਵਿਭਾਗ ਦੇ ਅਧਿਕਾਰੀਆਂ ਨੇ ਦੱਸਿਆ ਕਿ ਘਰ-ਘਰ ਜਾ ਕੇ ਤਸਦੀਕ ਕੀਤੀ ਜਾਵੇਗੀ ਅਤੇ ਅਯੋਗ ਲਾਭਪਾਤਰੀਆਂ ਦੀ ਪਛਾਣ ਕਰਕੇ ਕਾਰਵਾਈ ਕੀਤੀ ਜਾਵੇਗੀ।

ਵਿਭਾਗ ਨੇ ਲੋਕਾਂ ਨੂੰ ਅਪੀਲ ਕੀਤੀ ਕਿ ਉਹ ਸਹੀ ਜਾਣਕਾਰੀ ਦੇਣ ਤਾਂ ਜੋ ਅਸਲ ਲੋੜਵੰਦ ਪਰਿਵਾਰਾਂ ਨੂੰ ਯੋਜਨਾ ਦਾ ਪੂਰਾ ਲਾਭ ਮਿਲ ਸਕੇ।

ਕੇਂਦਰ ਸਰਕਾਰ ਨੇ ਮੁਫ਼ਤ ਰਾਸ਼ਨ ਯੋਜਨਾ ਦੇ ਲਾਭਪਾਤਰੀਆਂ ਦੀ ਪੜਤਾਲ ਦੇ ਹੁਕਮ ਦਿੱਤੇ ਹਨ। ਨਵੇਂ ਨਿਯਮਾਂ ਅਨੁਸਾਰ ਜਿਨ੍ਹਾਂ ਪਰਿਵਾਰਾਂ ਕੋਲ ਚਾਰ ਪਹੀਆ ਵਾਹਨ, ਏਸੀ ਜਾਂ ਵੱਧ ਆਮਦਨ ਦੇ ਸਰੋਤ ਹਨ, ਉਨ੍ਹਾਂ ਦੇ ਨਾਮ ਸੂਚੀ ਵਿੱਚੋਂ ਹਟਾਏ ਜਾਣਗੇ।
